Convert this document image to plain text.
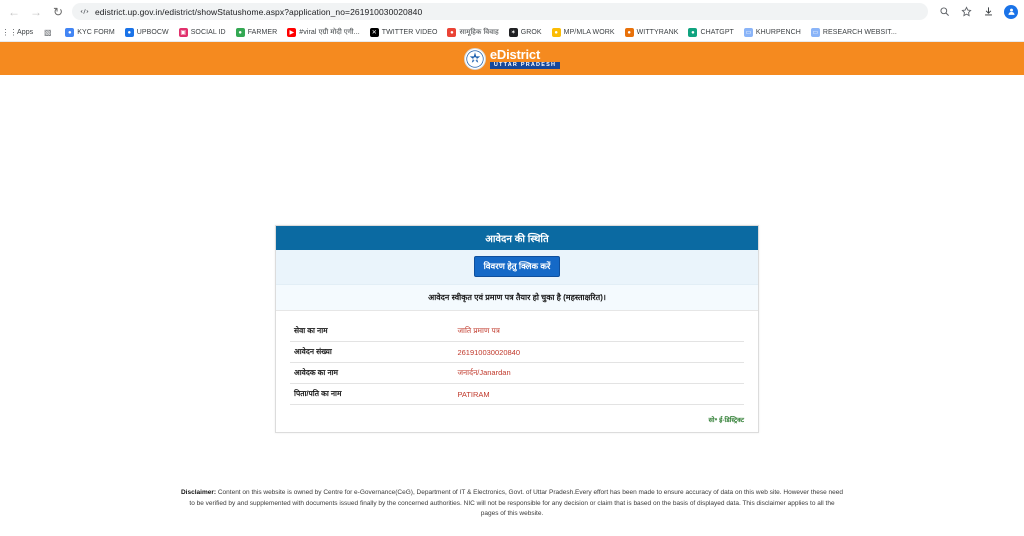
← → ↻	edistrict.up.gov.in/edistrict/showStatushome.aspx?application_no=261910030020840
⋮⋮ Apps ▧	● KYC FORM	● UPBOCW ▣ SOCIAL ID	● FARMER	▶ #viral एग्री मोदी एगी...	✕ TWITTER VIDEO	● सामूहिक विवाह	✶ GROK	● MP/MLA WORK	● WITTYRANK	● CHATGPT ▭ KHURPENCH ▭ RESEARCH WEBSIT...
eDistrict
UTTAR PRADESH
आवेदन की स्थिति
विवरण हेतु क्लिक करें
आवेदन स्वीकृत एवं प्रमाण पत्र तैयार हो चुका है (महस्ताक्षरित)।
सेवा का नाम	जाति प्रमाण पत्र
आवेदन संख्या	261910030020840
आवेदक का नाम	जनार्दन/Janardan
पिता/पति का नाम	PATIRAM
सो॰ ई-डिस्ट्रिक्ट
Disclaimer: Content on this website is owned by Centre for e-Governance(CeG), Department of IT & Electronics, Govt. of Uttar Pradesh.Every effort has been made to ensure accuracy of data on this web site. However these need to be verified by and supplemented with documents issued finally by the concerned authorities. NIC will not be responsible for any decision or claim that is based on the basis of displayed data. This disclaimer applies to all the pages of this website.
